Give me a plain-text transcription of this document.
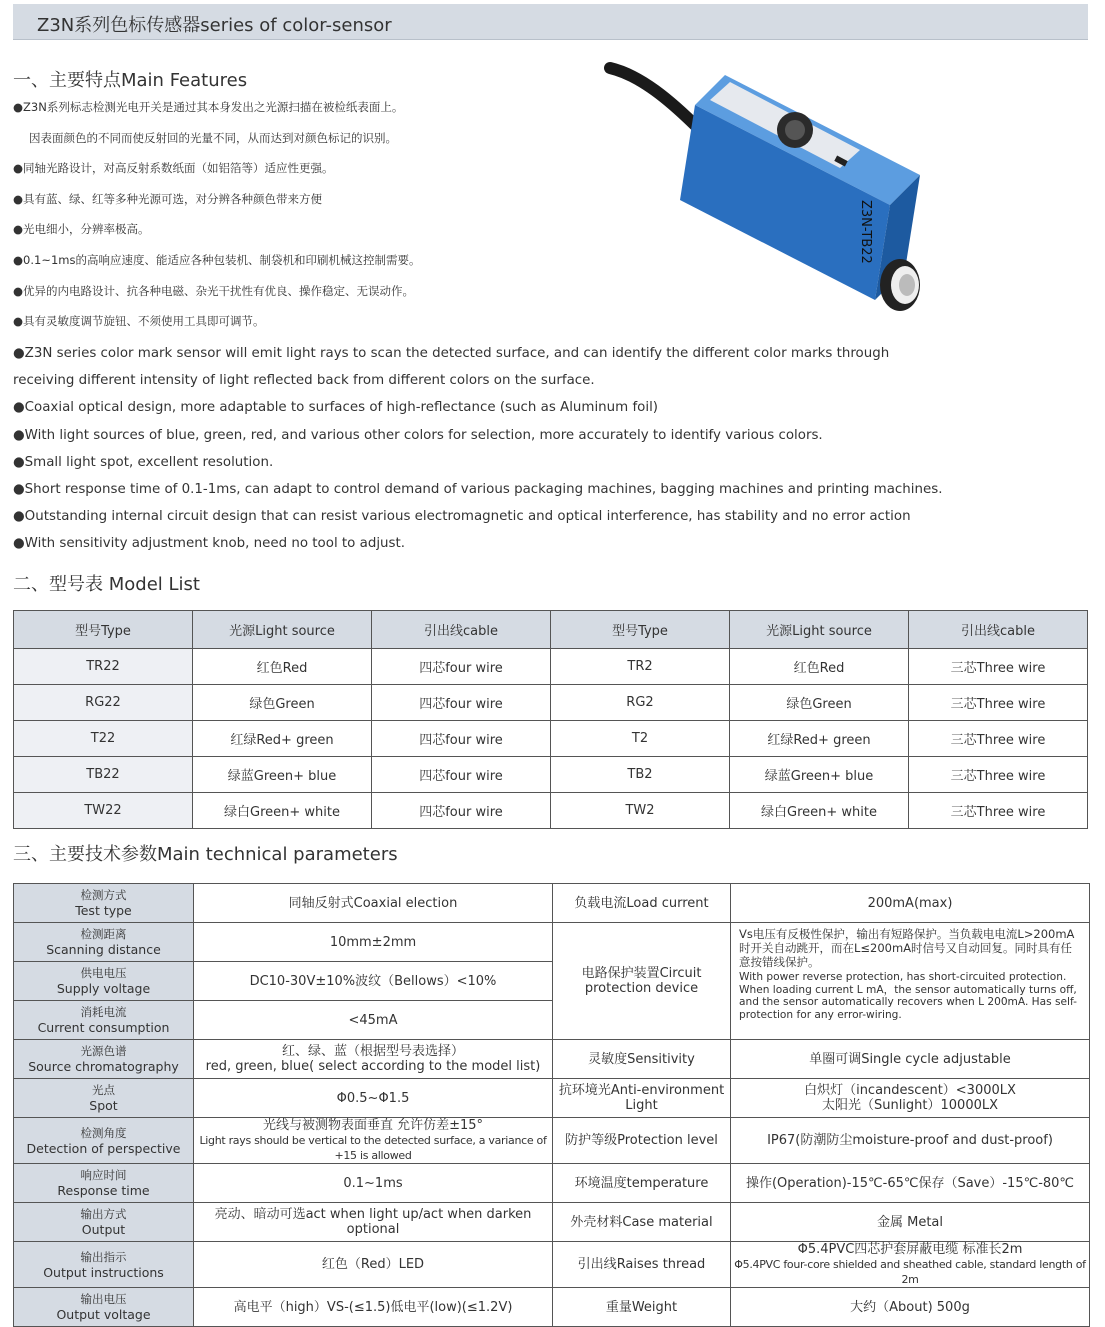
Z3N系列色标传感器series of color-sensor
一、主要特点Main Features
●Z3N系列标志检测光电开关是通过其本身发出之光源扫描在被检纸表面上。
因表面颜色的不同而使反射回的光量不同，从而达到对颜色标记的识别。
●同轴光路设计，对高反射系数纸面（如铝箔等）适应性更强。
●具有蓝、绿、红等多种光源可选，对分辨各种颜色带来方便
●光电细小，分辨率极高。
●0.1~1ms的高响应速度、能适应各种包装机、制袋机和印刷机械这控制需要。
●优异的内电路设计、抗各种电磁、杂光干扰性有优良、操作稳定、无误动作。
●具有灵敏度调节旋钮、不须使用工具即可调节。
Z3N-TB22
●Z3N series color mark sensor will emit light rays to scan the detected surface, and can identify the different color marks through
receiving different intensity of light reflected back from different colors on the surface.
●Coaxial optical design, more adaptable to surfaces of high-reflectance (such as Aluminum foil)
●With light sources of blue, green, red, and various other colors for selection, more accurately to identify various colors.
●Small light spot, excellent resolution.
●Short response time of 0.1-1ms, can adapt to control demand of various packaging machines, bagging machines and printing machines.
●Outstanding internal circuit design that can resist various electromagnetic and optical interference, has stability and no error action
●With sensitivity adjustment knob, need no tool to adjust.
二、型号表 Model List
型号Type	光源Light source	引出线cable	型号Type	光源Light source	引出线cable
TR22	红色Red	四芯four wire	TR2	红色Red	三芯Three wire
RG22	绿色Green	四芯four wire	RG2	绿色Green	三芯Three wire
T22	红绿Red+ green	四芯four wire	T2	红绿Red+ green	三芯Three wire
TB22	绿蓝Green+ blue	四芯four wire	TB2	绿蓝Green+ blue	三芯Three wire
TW22	绿白Green+ white	四芯four wire	TW2	绿白Green+ white	三芯Three wire
三、主要技术参数Main technical parameters
检测方式
Test type	同轴反射式Coaxial election	负载电流Load current	200mA(max)

检测距离
Scanning distance	10mm±2mm	电路保护装置Circuit protection device	Vs电压有反极性保护，输出有短路保护。当负载电电流L>200mA时开关自动跳开，而在L≤200mA时信号又自动回复。同时具有任意按错线保护。
With power reverse protection, has short-circuited protection. When loading current L mA，the sensor automatically turns off, and the sensor automatically recovers when L 200mA. Has self-protection for any error-wiring.

供电电压
Supply voltage	DC10-30V±10%波纹（Bellows）<10%		

消耗电流
Current consumption	<45mA		

光源色谱
Source chromatography	红、绿、蓝（根据型号表选择）
red, green, blue( select according to the model list)	灵敏度Sensitivity	单圈可调Single cycle adjustable

光点
Spot	Φ0.5~Φ1.5	抗环境光Anti-environment Light	白炽灯（incandescent）<3000LX
太阳光（Sunlight）10000LX

检测角度
Detection of perspective	光线与被测物表面垂直 允许仿差±15°
Light rays should be vertical to the detected surface, a variance of +15 is allowed	防护等级Protection level	IP67(防潮防尘moisture-proof and dust-proof)

响应时间
Response time	0.1~1ms	环境温度temperature	操作(Operation)-15℃-65℃保存（Save）-15℃-80℃

输出方式
Output	亮动、暗动可选act when light up/act when darken optional	外壳材料Case material	金属 Metal

输出指示
Output instructions	红色（Red）LED	引出线Raises thread	Φ5.4PVC四芯护套屏蔽电缆 标准长2m
Φ5.4PVC four-core shielded and sheathed cable, standard length of 2m

输出电压
Output voltage	高电平（high）VS-(≤1.5)低电平(low)(≤1.2V)	重量Weight	大约（About) 500g
